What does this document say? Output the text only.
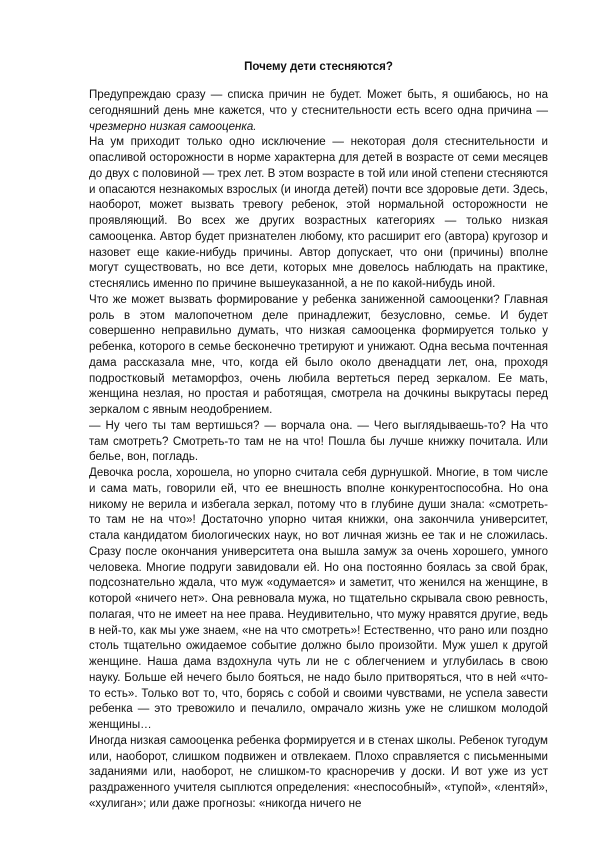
Почему дети стесняются?

Предупреждаю сразу — списка причин не будет. Может быть, я ошибаюсь, но на сегодняшний день мне кажется, что у стеснительности есть всего одна причина — чрезмерно низкая самооценка.

На ум приходит только одно исключение — некоторая доля стеснительности и опасливой осторожности в норме характерна для детей в возрасте от семи месяцев до двух с половиной — трех лет. В этом возрасте в той или иной степени стесняются и опасаются незнакомых взрослых (и иногда детей) почти все здоровые дети. Здесь, наоборот, может вызвать тревогу ребенок, этой нормальной осторожности не проявляющий. Во всех же других возрастных категориях — только низкая самооценка. Автор будет признателен любому, кто расширит его (автора) кругозор и назовет еще какие-нибудь причины. Автор допускает, что они (причины) вполне могут существовать, но все дети, которых мне довелось наблюдать на практике, стеснялись именно по причине вышеуказанной, а не по какой-нибудь иной.

Что же может вызвать формирование у ребенка заниженной самооценки? Главная роль в этом малопочетном деле принадлежит, безусловно, семье. И будет совершенно неправильно думать, что низкая самооценка формируется только у ребенка, которого в семье бесконечно третируют и унижают. Одна весьма почтенная дама рассказала мне, что, когда ей было около двенадцати лет, она, проходя подростковый метаморфоз, очень любила вертеться перед зеркалом. Ее мать, женщина незлая, но простая и работящая, смотрела на дочкины выкрутасы перед зеркалом с явным неодобрением.

— Ну чего ты там вертишься? — ворчала она. — Чего выглядываешь-то? На что там смотреть? Смотреть-то там не на что! Пошла бы лучше книжку почитала. Или белье, вон, погладь.

Девочка росла, хорошела, но упорно считала себя дурнушкой. Многие, в том числе и сама мать, говорили ей, что ее внешность вполне конкурентоспособна. Но она никому не верила и избегала зеркал, потому что в глубине души знала: «смотреть-то там не на что»! Достаточно упорно читая книжки, она закончила университет, стала кандидатом биологических наук, но вот личная жизнь ее так и не сложилась. Сразу после окончания университета она вышла замуж за очень хорошего, умного человека. Многие подруги завидовали ей. Но она постоянно боялась за свой брак, подсознательно ждала, что муж «одумается» и заметит, что женился на женщине, в которой «ничего нет». Она ревновала мужа, но тщательно скрывала свою ревность, полагая, что не имеет на нее права. Неудивительно, что мужу нравятся другие, ведь в ней-то, как мы уже знаем, «не на что смотреть»! Естественно, что рано или поздно столь тщательно ожидаемое событие должно было произойти. Муж ушел к другой женщине. Наша дама вздохнула чуть ли не с облегчением и углубилась в свою науку. Больше ей нечего было бояться, не надо было притворяться, что в ней «что-то есть». Только вот то, что, борясь с собой и своими чувствами, не успела завести ребенка — это тревожило и печалило, омрачало жизнь уже не слишком молодой женщины…

Иногда низкая самооценка ребенка формируется и в стенах школы. Ребенок тугодум или, наоборот, слишком подвижен и отвлекаем. Плохо справляется с письменными заданиями или, наоборот, не слишком-то красноречив у доски. И вот уже из уст раздраженного учителя сыплются определения: «неспособный», «тупой», «лентяй», «хулиган»; или даже прогнозы: «никогда ничего не
